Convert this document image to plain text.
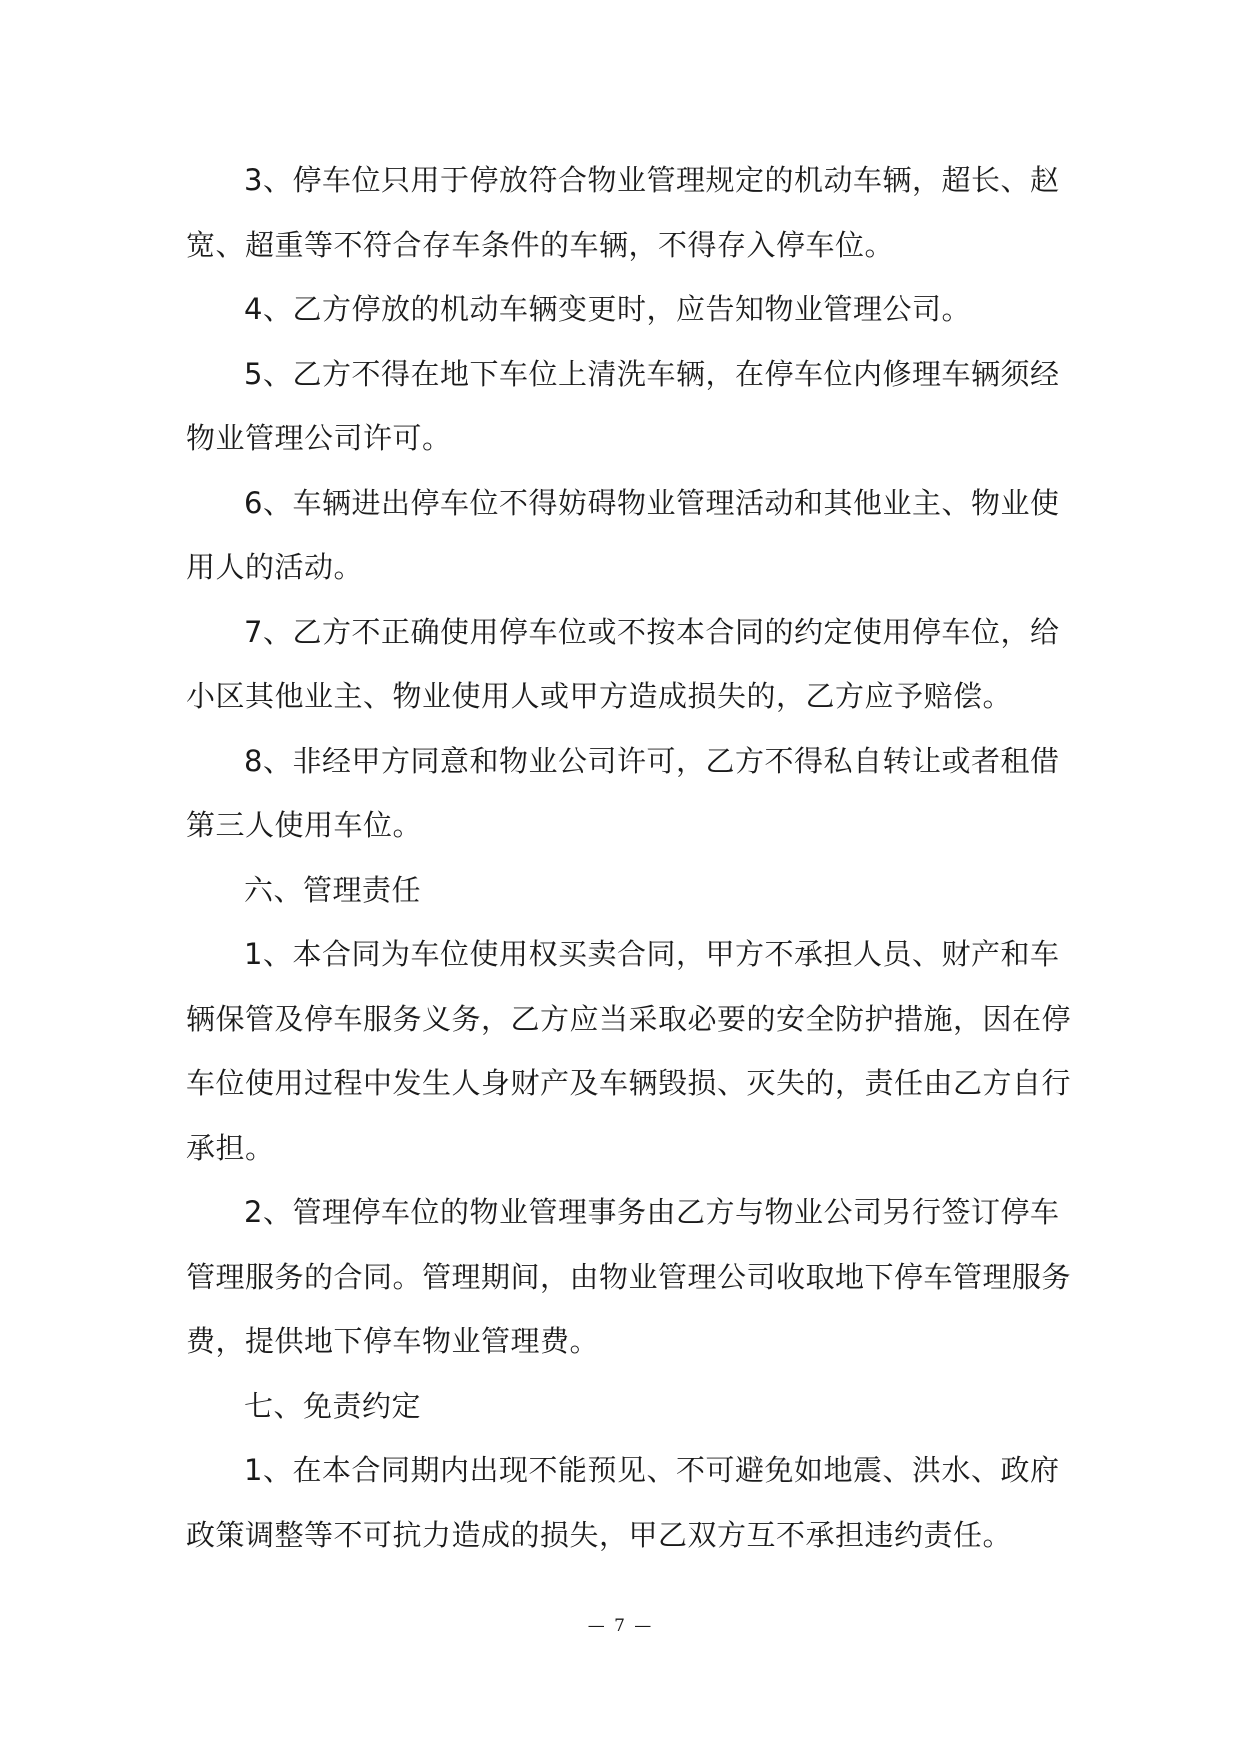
3、停车位只用于停放符合物业管理规定的机动车辆，超长、赵
宽、超重等不符合存车条件的车辆，不得存入停车位。
4、乙方停放的机动车辆变更时，应告知物业管理公司。
5、乙方不得在地下车位上清洗车辆，在停车位内修理车辆须经
物业管理公司许可。
6、车辆进出停车位不得妨碍物业管理活动和其他业主、物业使
用人的活动。
7、乙方不正确使用停车位或不按本合同的约定使用停车位，给
小区其他业主、物业使用人或甲方造成损失的，乙方应予赔偿。
8、非经甲方同意和物业公司许可，乙方不得私自转让或者租借
第三人使用车位。
六、管理责任
1、本合同为车位使用权买卖合同，甲方不承担人员、财产和车
辆保管及停车服务义务，乙方应当采取必要的安全防护措施，因在停
车位使用过程中发生人身财产及车辆毁损、灭失的，责任由乙方自行
承担。
2、管理停车位的物业管理事务由乙方与物业公司另行签订停车
管理服务的合同。管理期间，由物业管理公司收取地下停车管理服务
费，提供地下停车物业管理费。
七、免责约定
1、在本合同期内出现不能预见、不可避免如地震、洪水、政府
政策调整等不可抗力造成的损失，甲乙双方互不承担违约责任。
— 7 —
